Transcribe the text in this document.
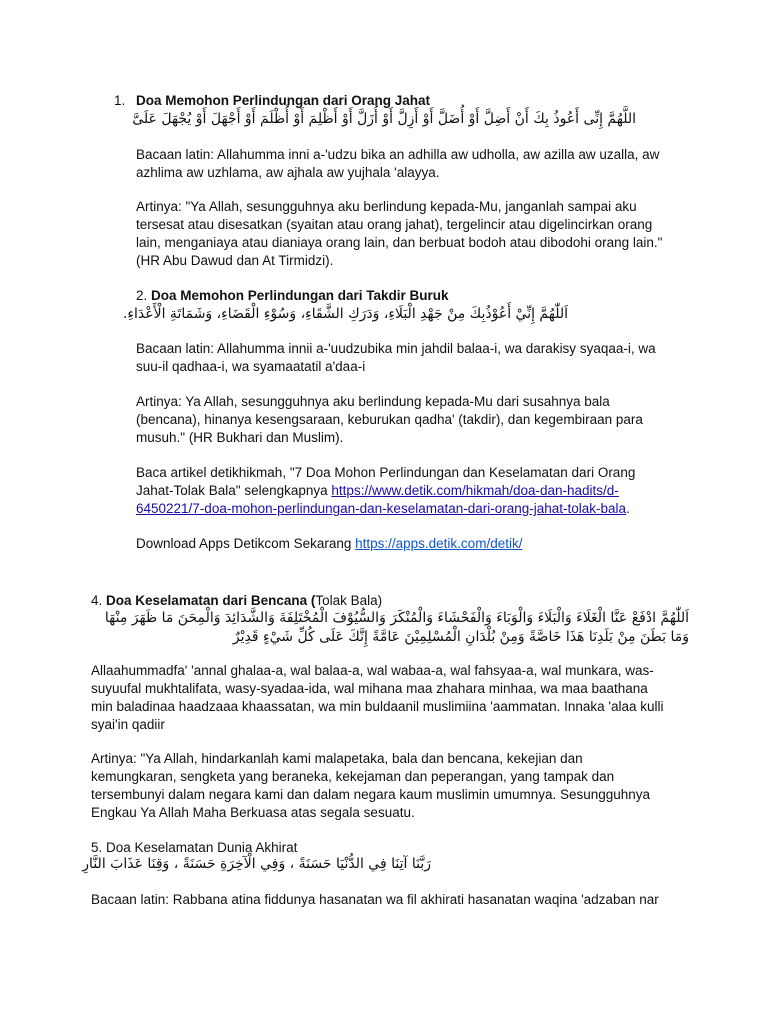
1. Doa Memohon Perlindungan dari Orang Jahat
اللَّهُمَّ إِنِّى أَعُوذُ بِكَ أَنْ أَضِلَّ أَوْ أُضَلَّ أَوْ أَزِلَّ أَوْ أُزَلَّ أَوْ أَظْلِمَ أَوْ أُظْلَمَ أَوْ أَجْهَلَ أَوْ يُجْهَلَ عَلَىَّ
Bacaan latin: Allahumma inni a-'udzu bika an adhilla aw udholla, aw azilla aw uzalla, aw
azhlima aw uzhlama, aw ajhala aw yujhala 'alayya.
Artinya: "Ya Allah, sesungguhnya aku berlindung kepada-Mu, janganlah sampai aku
tersesat atau disesatkan (syaitan atau orang jahat), tergelincir atau digelincirkan orang
lain, menganiaya atau dianiaya orang lain, dan berbuat bodoh atau dibodohi orang lain."
(HR Abu Dawud dan At Tirmidzi).
2. Doa Memohon Perlindungan dari Takdir Buruk
اَللّٰهُمَّ إِنِّيْ أَعُوْذُبِكَ مِنْ جَهْدِ الْبَلَاءِ، وَدَرَكِ الشَّقَاءِ، وَسُوْءِ الْقَضَاءِ، وَشَمَاتَةِ الْأَعْدَاءِ.
Bacaan latin: Allahumma innii a-'uudzubika min jahdil balaa-i, wa darakisy syaqaa-i, wa
suu-il qadhaa-i, wa syamaatatil a'daa-i
Artinya: Ya Allah, sesungguhnya aku berlindung kepada-Mu dari susahnya bala
(bencana), hinanya kesengsaraan, keburukan qadha' (takdir), dan kegembiraan para
musuh." (HR Bukhari dan Muslim).
Baca artikel detikhikmah, "7 Doa Mohon Perlindungan dan Keselamatan dari Orang
Jahat-Tolak Bala" selengkapnya https://www.detik.com/hikmah/doa-dan-hadits/d-
6450221/7-doa-mohon-perlindungan-dan-keselamatan-dari-orang-jahat-tolak-bala.
Download Apps Detikcom Sekarang https://apps.detik.com/detik/
4. Doa Keselamatan dari Bencana (Tolak Bala)
اَللّٰهُمَّ ادْفَعْ عَنَّا الْغَلَاءَ وَالْبَلَاءَ وَالْوَبَاءَ وَالْفَحْشَاءَ وَالْمُنْكَرَ وَالسُّيُوْفَ الْمُخْتَلِفَةَ وَالشَّدَائِدَ وَالْمِحَنَ مَا ظَهَرَ مِنْهَا
وَمَا بَطَنَ مِنْ بَلَدِنَا هَذَا خَاصَّةً وَمِنْ بُلْدَانِ الْمُسْلِمِيْنَ عَامَّةً إِنَّكَ عَلَى كُلِّ شَيْءٍ قَدِيْرٌ
Allaahummadfa' 'annal ghalaa-a, wal balaa-a, wal wabaa-a, wal fahsyaa-a, wal munkara, was-
suyuufal mukhtalifata, wasy-syadaa-ida, wal mihana maa zhahara minhaa, wa maa baathana
min baladinaa haadzaaa khaassatan, wa min buldaanil muslimiina 'aammatan. Innaka 'alaa kulli
syai'in qadiir
Artinya: "Ya Allah, hindarkanlah kami malapetaka, bala dan bencana, kekejian dan
kemungkaran, sengketa yang beraneka, kekejaman dan peperangan, yang tampak dan
tersembunyi dalam negara kami dan dalam negara kaum muslimin umumnya. Sesungguhnya
Engkau Ya Allah Maha Berkuasa atas segala sesuatu.
5. Doa Keselamatan Dunia Akhirat
رَبَّنَا آتِنَا فِي الدُّنْيَا حَسَنَةً ، وَفِي الْآخِرَةِ حَسَنَةً ، وَقِنَا عَذَابَ النَّارِ
Bacaan latin: Rabbana atina fiddunya hasanatan wa fil akhirati hasanatan waqina 'adzaban nar
